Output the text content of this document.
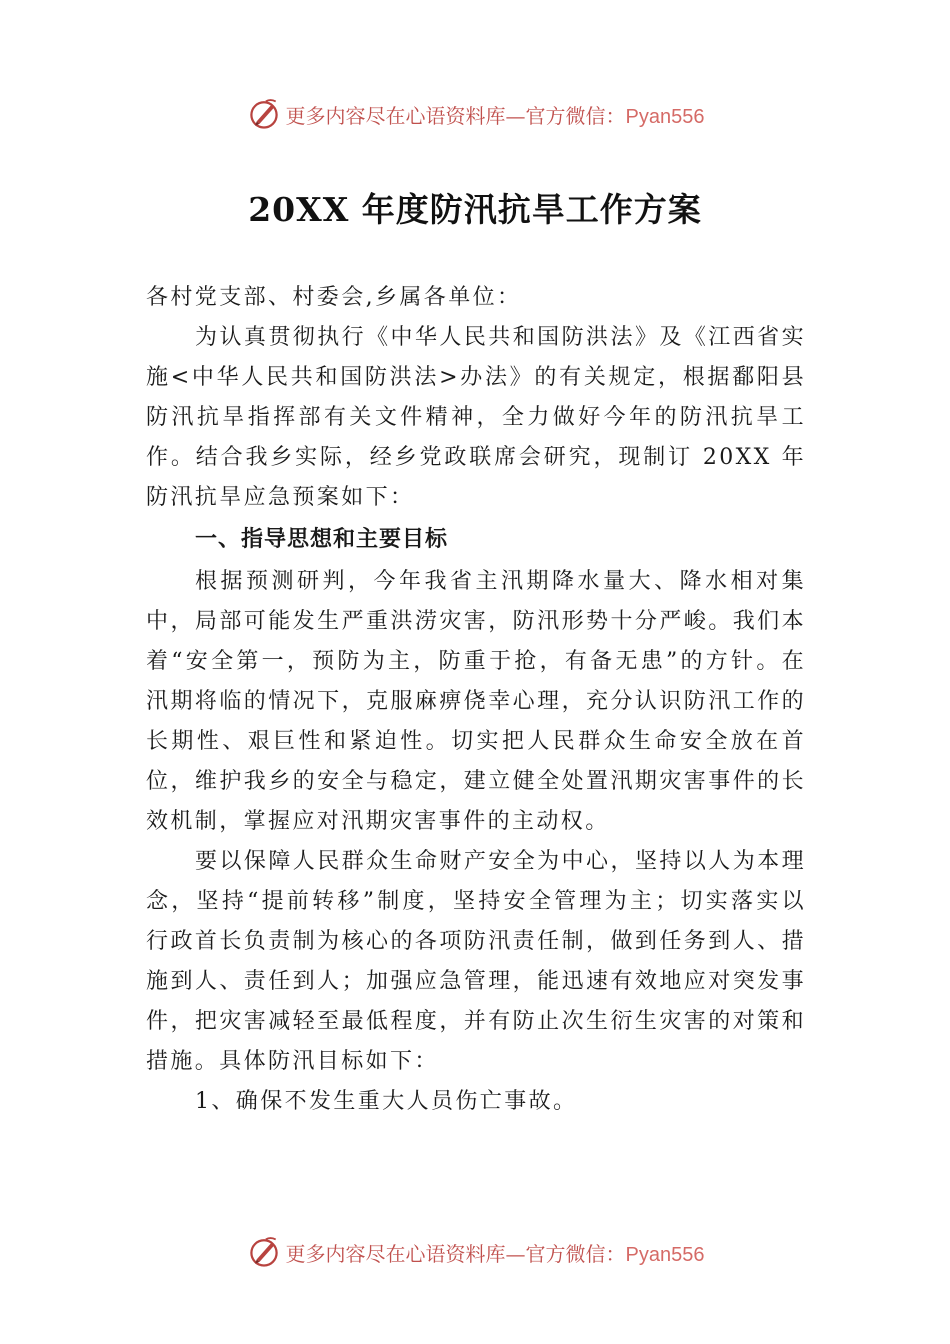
更多内容尽在心语资料库—官方微信：Pyan556
20XX 年度防汛抗旱工作方案

各村党支部、村委会,乡属各单位：

为认真贯彻执行《中华人民共和国防洪法》及《江西省实施<中华人民共和国防洪法>办法》的有关规定，根据鄱阳县防汛抗旱指挥部有关文件精神，全力做好今年的防汛抗旱工作。结合我乡实际，经乡党政联席会研究，现制订 20XX 年防汛抗旱应急预案如下：

一、指导思想和主要目标

根据预测研判，今年我省主汛期降水量大、降水相对集中，局部可能发生严重洪涝灾害，防汛形势十分严峻。我们本着“安全第一，预防为主，防重于抢，有备无患”的方针。在汛期将临的情况下，克服麻痹侥幸心理，充分认识防汛工作的长期性、艰巨性和紧迫性。切实把人民群众生命安全放在首位，维护我乡的安全与稳定，建立健全处置汛期灾害事件的长效机制，掌握应对汛期灾害事件的主动权。

要以保障人民群众生命财产安全为中心，坚持以人为本理念，坚持“提前转移”制度，坚持安全管理为主；切实落实以行政首长负责制为核心的各项防汛责任制，做到任务到人、措施到人、责任到人；加强应急管理，能迅速有效地应对突发事件，把灾害减轻至最低程度，并有防止次生衍生灾害的对策和措施。具体防汛目标如下：

1、确保不发生重大人员伤亡事故。

更多内容尽在心语资料库—官方微信：Pyan556
